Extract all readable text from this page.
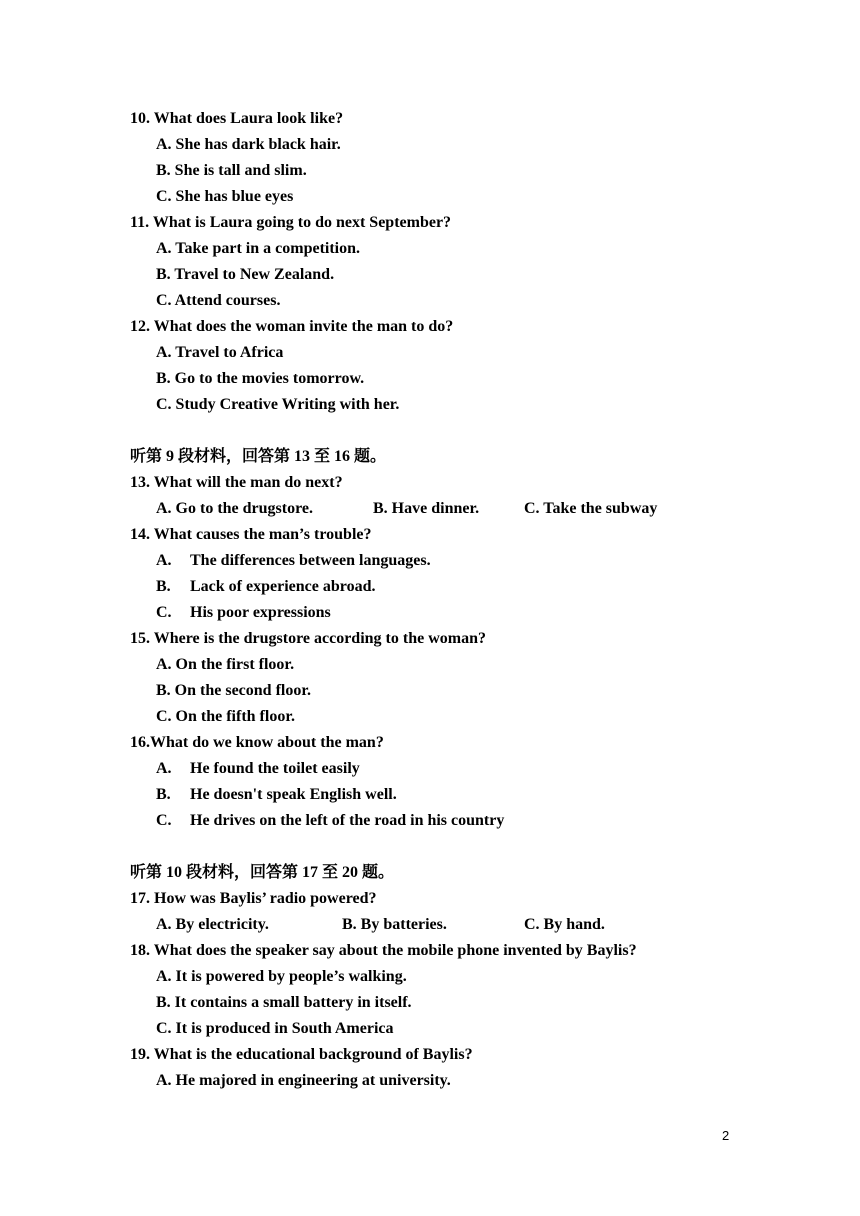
10. What does Laura look like?
A. She has dark black hair.
B. She is tall and slim.
C. She has blue eyes
11. What is Laura going to do next September?
A. Take part in a competition.
B. Travel to New Zealand.
C. Attend courses.
12. What does the woman invite the man to do?
A. Travel to Africa
B. Go to the movies tomorrow.
C. Study Creative Writing with her.
听第 9 段材料，回答第 13 至 16 题。
13. What will the man do next?
A. Go to the drugstore.	B. Have dinner.	C. Take the subway
14. What causes the man’s trouble?
A. The differences between languages.
B. Lack of experience abroad.
C. His poor expressions
15. Where is the drugstore according to the woman?
A. On the first floor.
B. On the second floor.
C. On the fifth floor.
16.What do we know about the man?
A. He found the toilet easily
B. He doesn't speak English well.
C. He drives on the left of the road in his country
听第 10 段材料，回答第 17 至 20 题。
17. How was Baylis’ radio powered?
A. By electricity.	B. By batteries.	C. By hand.
18. What does the speaker say about the mobile phone invented by Baylis?
A. It is powered by people’s walking.
B. It contains a small battery in itself.
C. It is produced in South America
19. What is the educational background of Baylis?
A. He majored in engineering at university.
2
